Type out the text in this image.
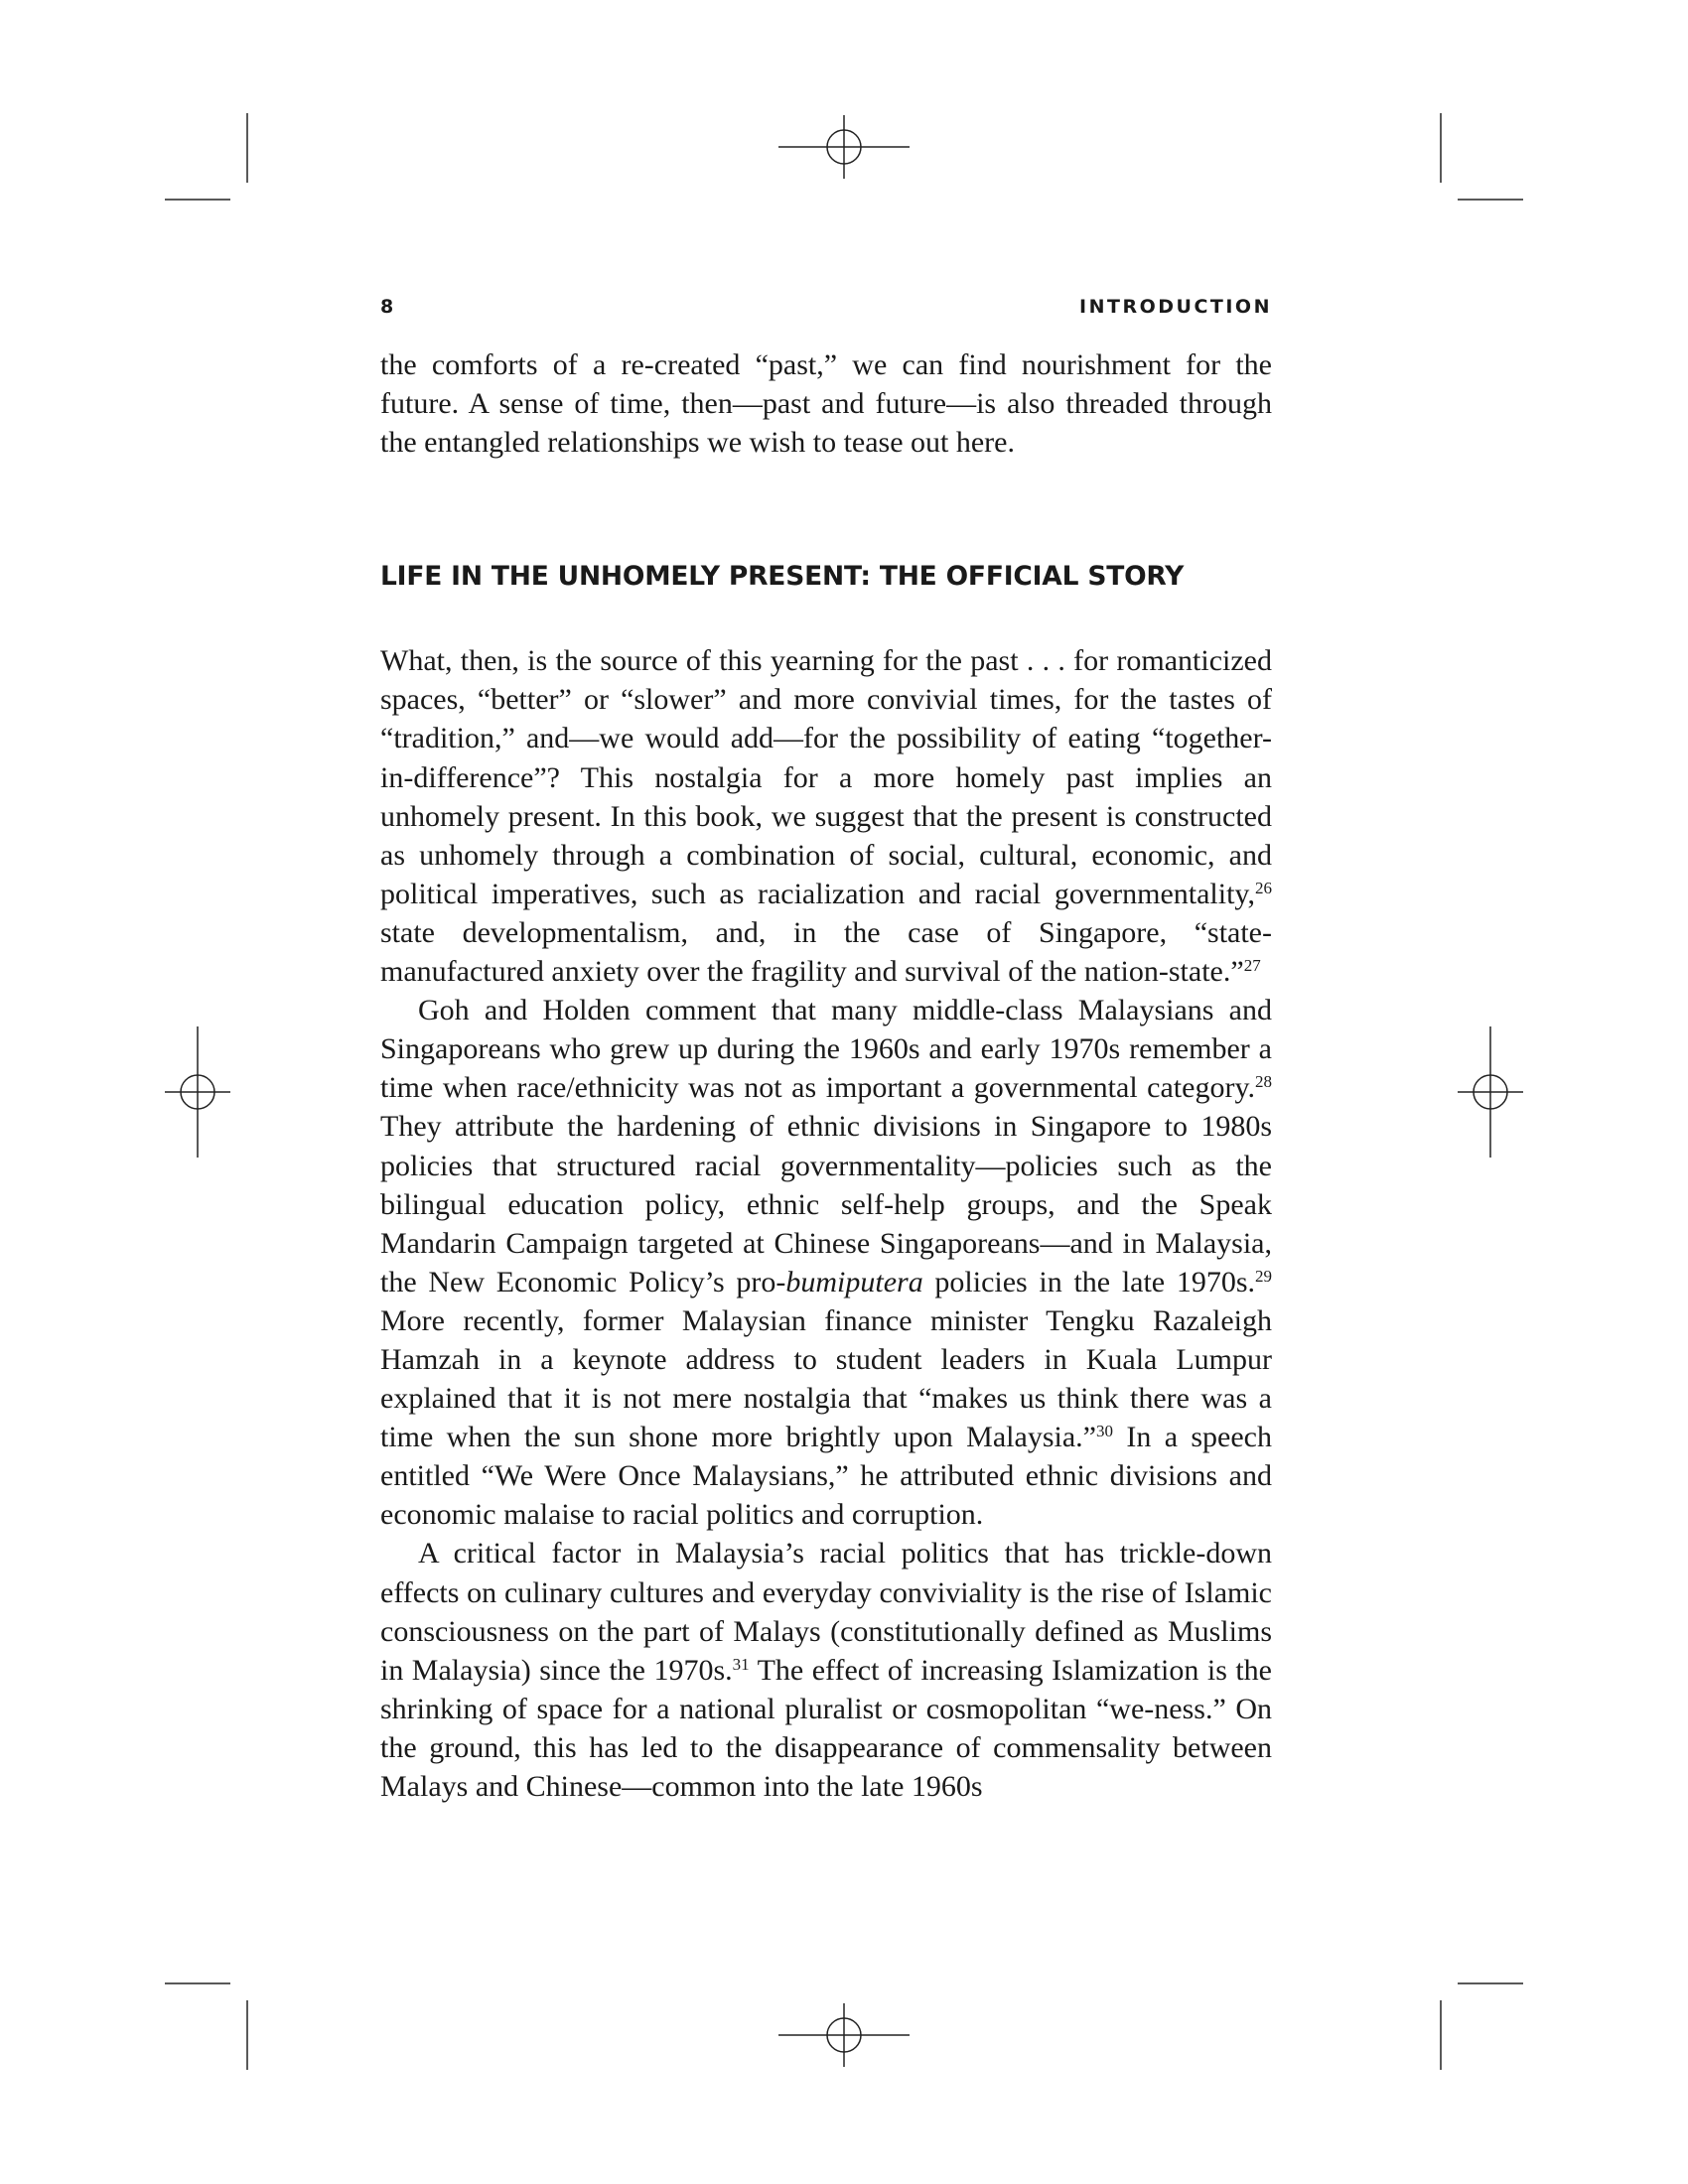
8	INTRODUCTION

the comforts of a re-created “past,” we can find nourishment for the future. A sense of time, then—past and future—is also threaded through the entangled relationships we wish to tease out here.

LIFE IN THE UNHOMELY PRESENT: THE OFFICIAL STORY

What, then, is the source of this yearning for the past . . . for romanticized spaces, “better” or “slower” and more convivial times, for the tastes of “tradition,” and—we would add—for the possibility of eating “together-in-difference”? This nostalgia for a more homely past implies an unhomely present. In this book, we suggest that the present is constructed as unhomely through a combination of social, cultural, economic, and political imperatives, such as racialization and racial governmentality,$^{26}$ state developmentalism, and, in the case of Singapore, “state-manufactured anxiety over the fragility and survival of the nation-state.”$^{27}$

Goh and Holden comment that many middle-class Malaysians and Singaporeans who grew up during the 1960s and early 1970s remember a time when race/ethnicity was not as important a governmental category.$^{28}$ They attribute the hardening of ethnic divisions in Singapore to 1980s policies that structured racial governmentality—policies such as the bilingual education policy, ethnic self-help groups, and the Speak Mandarin Campaign targeted at Chinese Singaporeans—and in Malaysia, the New Economic Policy’s pro-bumiputera policies in the late 1970s.$^{29}$ More recently, former Malaysian finance minister Tengku Razaleigh Hamzah in a keynote address to student leaders in Kuala Lumpur explained that it is not mere nostalgia that “makes us think there was a time when the sun shone more brightly upon Malaysia.”$^{30}$ In a speech entitled “We Were Once Malaysians,” he attributed ethnic divisions and economic malaise to racial politics and corruption.

A critical factor in Malaysia’s racial politics that has trickle-down effects on culinary cultures and everyday conviviality is the rise of Islamic consciousness on the part of Malays (constitutionally defined as Muslims in Malaysia) since the 1970s.$^{31}$ The effect of increasing Islamization is the shrinking of space for a national pluralist or cosmopolitan “we-ness.” On the ground, this has led to the disappearance of commensality between Malays and Chinese—common into the late 1960s
